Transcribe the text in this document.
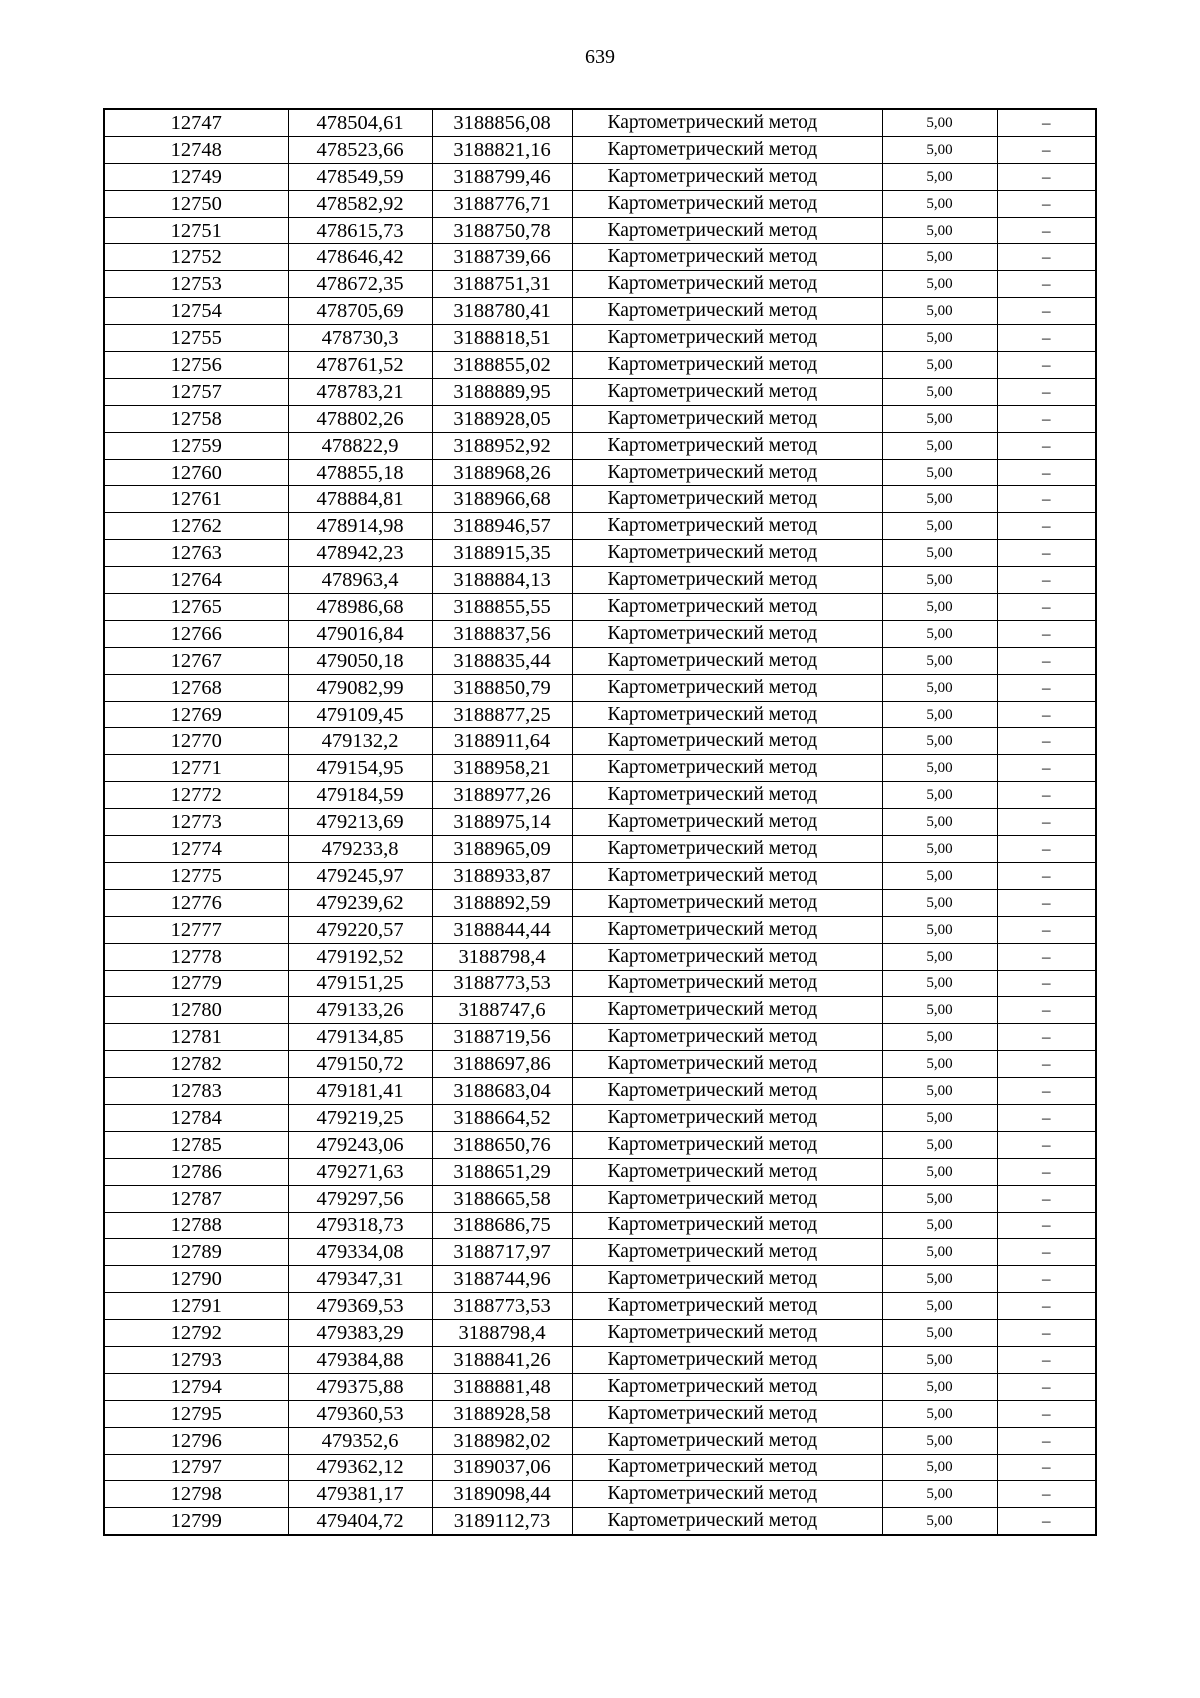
639
12747	478504,61	3188856,08	Картометрический метод	5,00	–
12748	478523,66	3188821,16	Картометрический метод	5,00	–
12749	478549,59	3188799,46	Картометрический метод	5,00	–
12750	478582,92	3188776,71	Картометрический метод	5,00	–
12751	478615,73	3188750,78	Картометрический метод	5,00	–
12752	478646,42	3188739,66	Картометрический метод	5,00	–
12753	478672,35	3188751,31	Картометрический метод	5,00	–
12754	478705,69	3188780,41	Картометрический метод	5,00	–
12755	478730,3	3188818,51	Картометрический метод	5,00	–
12756	478761,52	3188855,02	Картометрический метод	5,00	–
12757	478783,21	3188889,95	Картометрический метод	5,00	–
12758	478802,26	3188928,05	Картометрический метод	5,00	–
12759	478822,9	3188952,92	Картометрический метод	5,00	–
12760	478855,18	3188968,26	Картометрический метод	5,00	–
12761	478884,81	3188966,68	Картометрический метод	5,00	–
12762	478914,98	3188946,57	Картометрический метод	5,00	–
12763	478942,23	3188915,35	Картометрический метод	5,00	–
12764	478963,4	3188884,13	Картометрический метод	5,00	–
12765	478986,68	3188855,55	Картометрический метод	5,00	–
12766	479016,84	3188837,56	Картометрический метод	5,00	–
12767	479050,18	3188835,44	Картометрический метод	5,00	–
12768	479082,99	3188850,79	Картометрический метод	5,00	–
12769	479109,45	3188877,25	Картометрический метод	5,00	–
12770	479132,2	3188911,64	Картометрический метод	5,00	–
12771	479154,95	3188958,21	Картометрический метод	5,00	–
12772	479184,59	3188977,26	Картометрический метод	5,00	–
12773	479213,69	3188975,14	Картометрический метод	5,00	–
12774	479233,8	3188965,09	Картометрический метод	5,00	–
12775	479245,97	3188933,87	Картометрический метод	5,00	–
12776	479239,62	3188892,59	Картометрический метод	5,00	–
12777	479220,57	3188844,44	Картометрический метод	5,00	–
12778	479192,52	3188798,4	Картометрический метод	5,00	–
12779	479151,25	3188773,53	Картометрический метод	5,00	–
12780	479133,26	3188747,6	Картометрический метод	5,00	–
12781	479134,85	3188719,56	Картометрический метод	5,00	–
12782	479150,72	3188697,86	Картометрический метод	5,00	–
12783	479181,41	3188683,04	Картометрический метод	5,00	–
12784	479219,25	3188664,52	Картометрический метод	5,00	–
12785	479243,06	3188650,76	Картометрический метод	5,00	–
12786	479271,63	3188651,29	Картометрический метод	5,00	–
12787	479297,56	3188665,58	Картометрический метод	5,00	–
12788	479318,73	3188686,75	Картометрический метод	5,00	–
12789	479334,08	3188717,97	Картометрический метод	5,00	–
12790	479347,31	3188744,96	Картометрический метод	5,00	–
12791	479369,53	3188773,53	Картометрический метод	5,00	–
12792	479383,29	3188798,4	Картометрический метод	5,00	–
12793	479384,88	3188841,26	Картометрический метод	5,00	–
12794	479375,88	3188881,48	Картометрический метод	5,00	–
12795	479360,53	3188928,58	Картометрический метод	5,00	–
12796	479352,6	3188982,02	Картометрический метод	5,00	–
12797	479362,12	3189037,06	Картометрический метод	5,00	–
12798	479381,17	3189098,44	Картометрический метод	5,00	–
12799	479404,72	3189112,73	Картометрический метод	5,00	–
